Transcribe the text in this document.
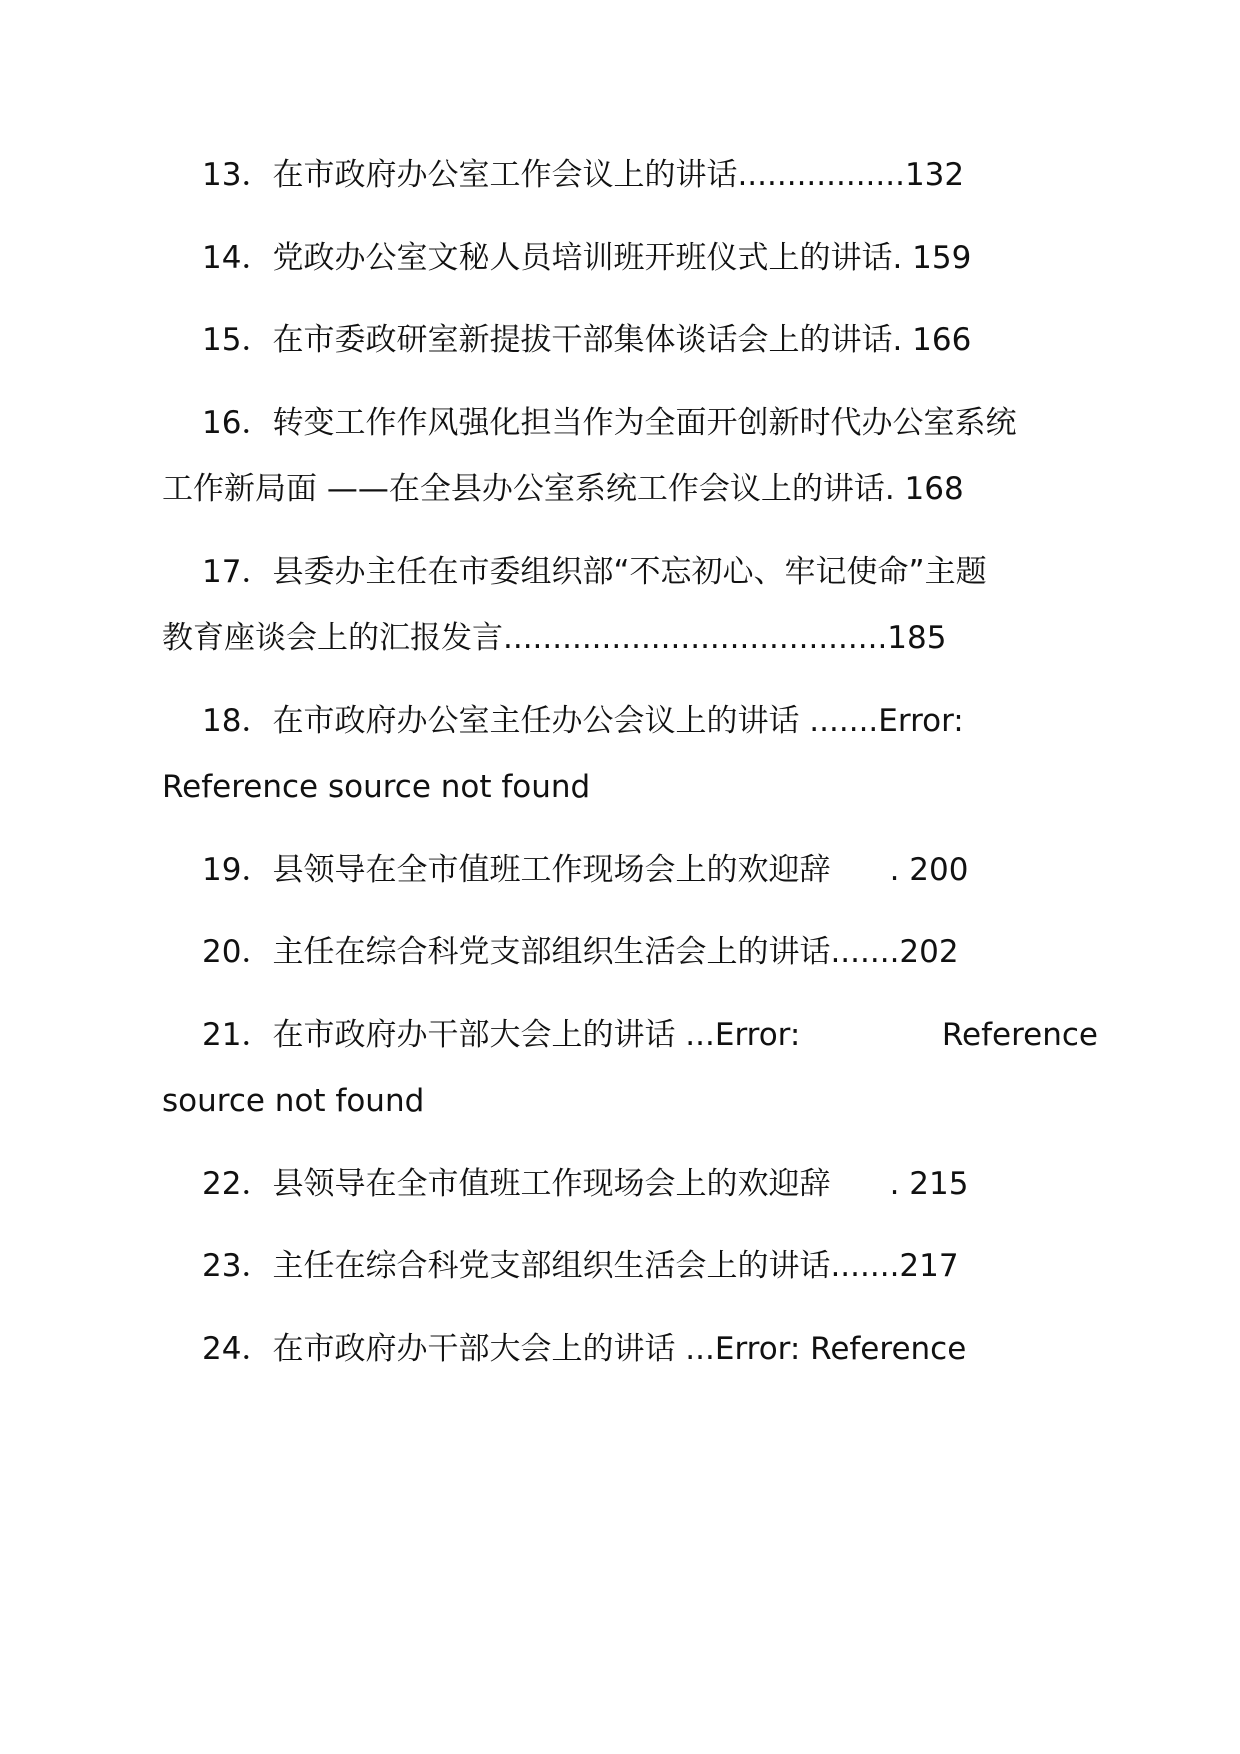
13．在市政府办公室工作会议上的讲话.................132
14．党政办公室文秘人员培训班开班仪式上的讲话. 159
15．在市委政研室新提拔干部集体谈话会上的讲话. 166
16．转变工作作风强化担当作为全面开创新时代办公室系统
工作新局面 ——在全县办公室系统工作会议上的讲话. 168
17．县委办主任在市委组织部“不忘初心、牢记使命”主题
教育座谈会上的汇报发言.......................................185
18．在市政府办公室主任办公会议上的讲话 .......Error:
Reference source not found
19．县领导在全市值班工作现场会上的欢迎辞      . 200
20．主任在综合科党支部组织生活会上的讲话.......202
21．在市政府办干部大会上的讲话 ...Error:	Reference
source not found
22．县领导在全市值班工作现场会上的欢迎辞      . 215
23．主任在综合科党支部组织生活会上的讲话.......217
24．在市政府办干部大会上的讲话 ...Error: Reference
